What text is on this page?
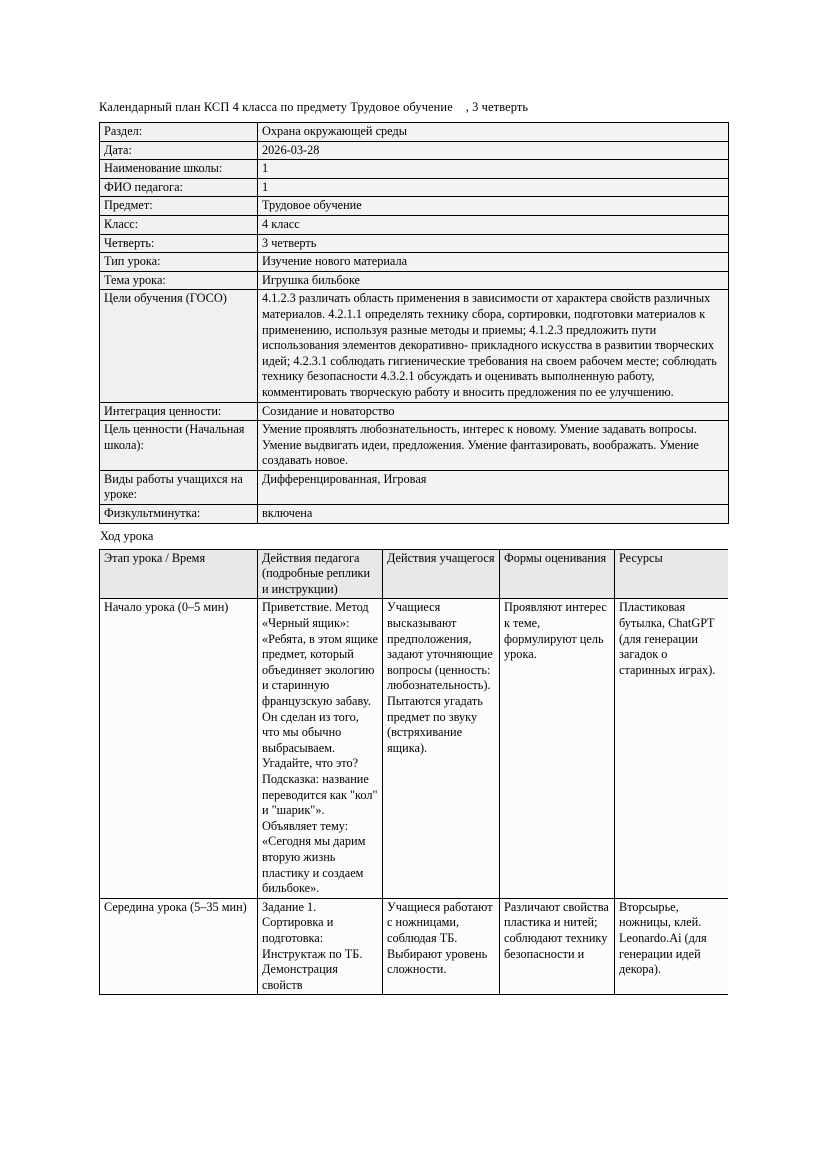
Календарный план КСП 4 класса по предмету Трудовое обучение    , 3 четверть

Раздел:	Охрана окружающей среды
Дата:	2026-03-28
Наименование школы:	1
ФИО педагога:	1
Предмет:	Трудовое обучение
Класс:	4 класс
Четверть:	3 четверть
Тип урока:	Изучение нового материала
Тема урока:	Игрушка бильбоке
Цели обучения (ГОСО)	4.1.2.3 различать область применения в зависимости от характера свойств различных материалов. 4.2.1.1 определять технику сбора, сортировки, подготовки материалов к применению, используя разные методы и приемы; 4.1.2.3 предложить пути использования элементов декоративно- прикладного искусства в развитии творческих идей; 4.2.3.1 соблюдать гигиенические требования на своем рабочем месте; соблюдать технику безопасности 4.3.2.1 обсуждать и оценивать выполненную работу, комментировать творческую работу и вносить предложения по ее улучшению.
Интеграция ценности:	Созидание и новаторство
Цель ценности (Начальная школа):	Умение проявлять любознательность, интерес к новому. Умение задавать вопросы. Умение выдвигать идеи, предложения. Умение фантазировать, воображать. Умение создавать новое.
Виды работы учащихся на уроке:	Дифференцированная, Игровая
Физкультминутка:	включена

Ход урока

Этап урока / Время	Действия педагога (подробные реплики и инструкции)	Действия учащегося	Формы оценивания	Ресурсы
Начало урока (0–5 мин)	Приветствие. Метод «Черный ящик»: «Ребята, в этом ящике предмет, который объединяет экологию и старинную французскую забаву. Он сделан из того, что мы обычно выбрасываем. Угадайте, что это? Подсказка: название переводится как "кол" и "шарик"». Объявляет тему: «Сегодня мы дарим вторую жизнь пластику и создаем бильбоке».	Учащиеся высказывают предположения, задают уточняющие вопросы (ценность: любознательность). Пытаются угадать предмет по звуку (встряхивание ящика).	Проявляют интерес к теме, формулируют цель урока.	Пластиковая бутылка, ChatGPT (для генерации загадок о старинных играх).
Середина урока (5–35 мин)	Задание 1. Сортировка и подготовка: Инструктаж по ТБ. Демонстрация свойств	Учащиеся работают с ножницами, соблюдая ТБ. Выбирают уровень сложности.	Различают свойства пластика и нитей; соблюдают технику безопасности и	Вторсырье, ножницы, клей. Leonardo.Ai (для генерации идей декора).
